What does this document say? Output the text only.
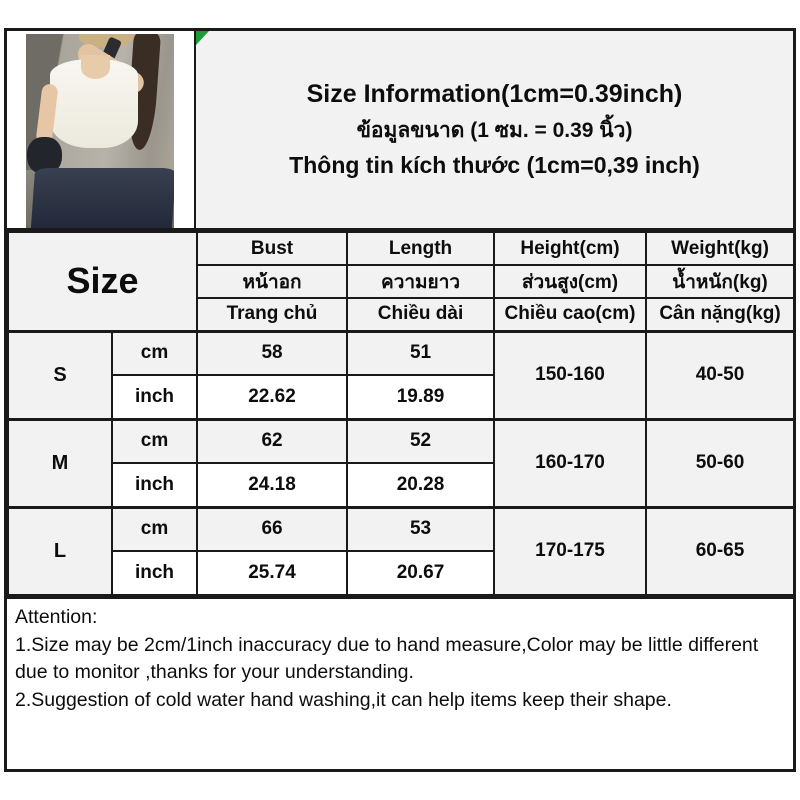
Size Information(1cm=0.39inch)
ข้อมูลขนาด (1 ซม. = 0.39 นิ้ว)
Thông tin kích thước (1cm=0,39 inch)
Size		Bust	Length	Height(cm)	Weight(kg)
		หน้าอก	ความยาว	ส่วนสูง(cm)	น้ำหนัก(kg)
		Trang chủ	Chiều dài	Chiều cao(cm)	Cân nặng(kg)
S	cm	58	51	150-160	40-50
	inch	22.62	19.89		
M	cm	62	52	160-170	50-60
	inch	24.18	20.28		
L	cm	66	53	170-175	60-65
	inch	25.74	20.67		
Attention:
1.Size may be 2cm/1inch inaccuracy due to hand measure,Color may be little different due to monitor ,thanks for your understanding.
2.Suggestion of cold water hand washing,it can help items keep their shape.
